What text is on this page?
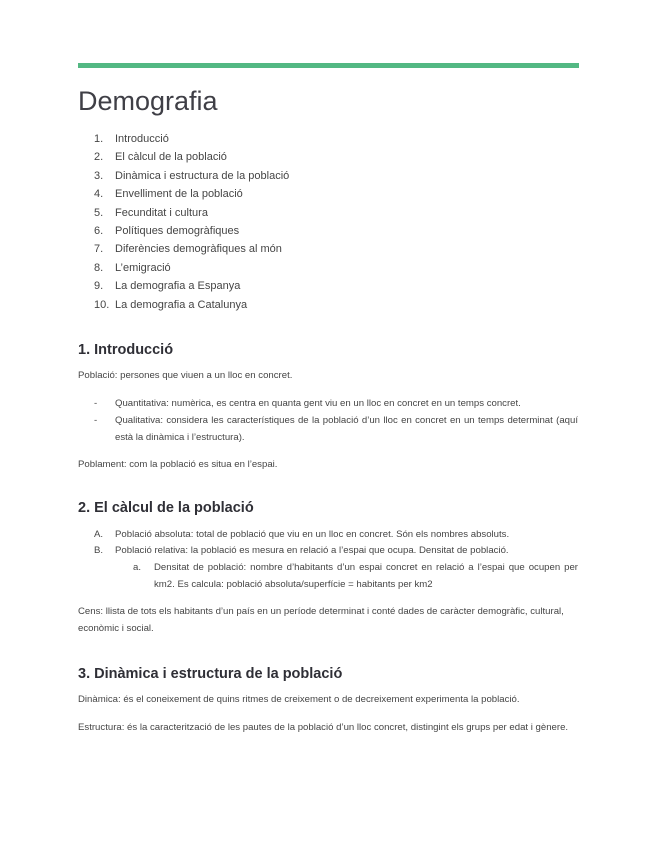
Demografia
1. Introducció
2. El càlcul de la població
3. Dinàmica i estructura de la població
4. Envelliment de la població
5. Fecunditat i cultura
6. Polítiques demogràfiques
7. Diferències demogràfiques al món
8. L’emigració
9. La demografia a Espanya
10. La demografia a Catalunya
1. Introducció

Població: persones que viuen a un lloc en concret.

-	Quantitativa: numèrica, es centra en quanta gent viu en un lloc en concret en un temps concret.
-	Qualitativa: considera les característiques de la població d’un lloc en concret en un temps determinat (aquí està la dinàmica i l’estructura).

Poblament: com la població es situa en l’espai.

2. El càlcul de la població
A.	Població absoluta: total de població que viu en un lloc en concret. Són els nombres absoluts.
B.	Població relativa: la població es mesura en relació a l’espai que ocupa. Densitat de població.
a.	Densitat de població: nombre d’habitants d’un espai concret en relació a l’espai que ocupen per km2. Es calcula: població absoluta/superfície = habitants per km2

Cens: llista de tots els habitants d’un país en un període determinat i conté dades de caràcter demogràfic, cultural, econòmic i social.

3. Dinàmica i estructura de la població

Dinàmica: és el coneixement de quins ritmes de creixement o de decreixement experimenta la població.

Estructura: és la caracterització de les pautes de la població d’un lloc concret, distingint els grups per edat i gènere.
